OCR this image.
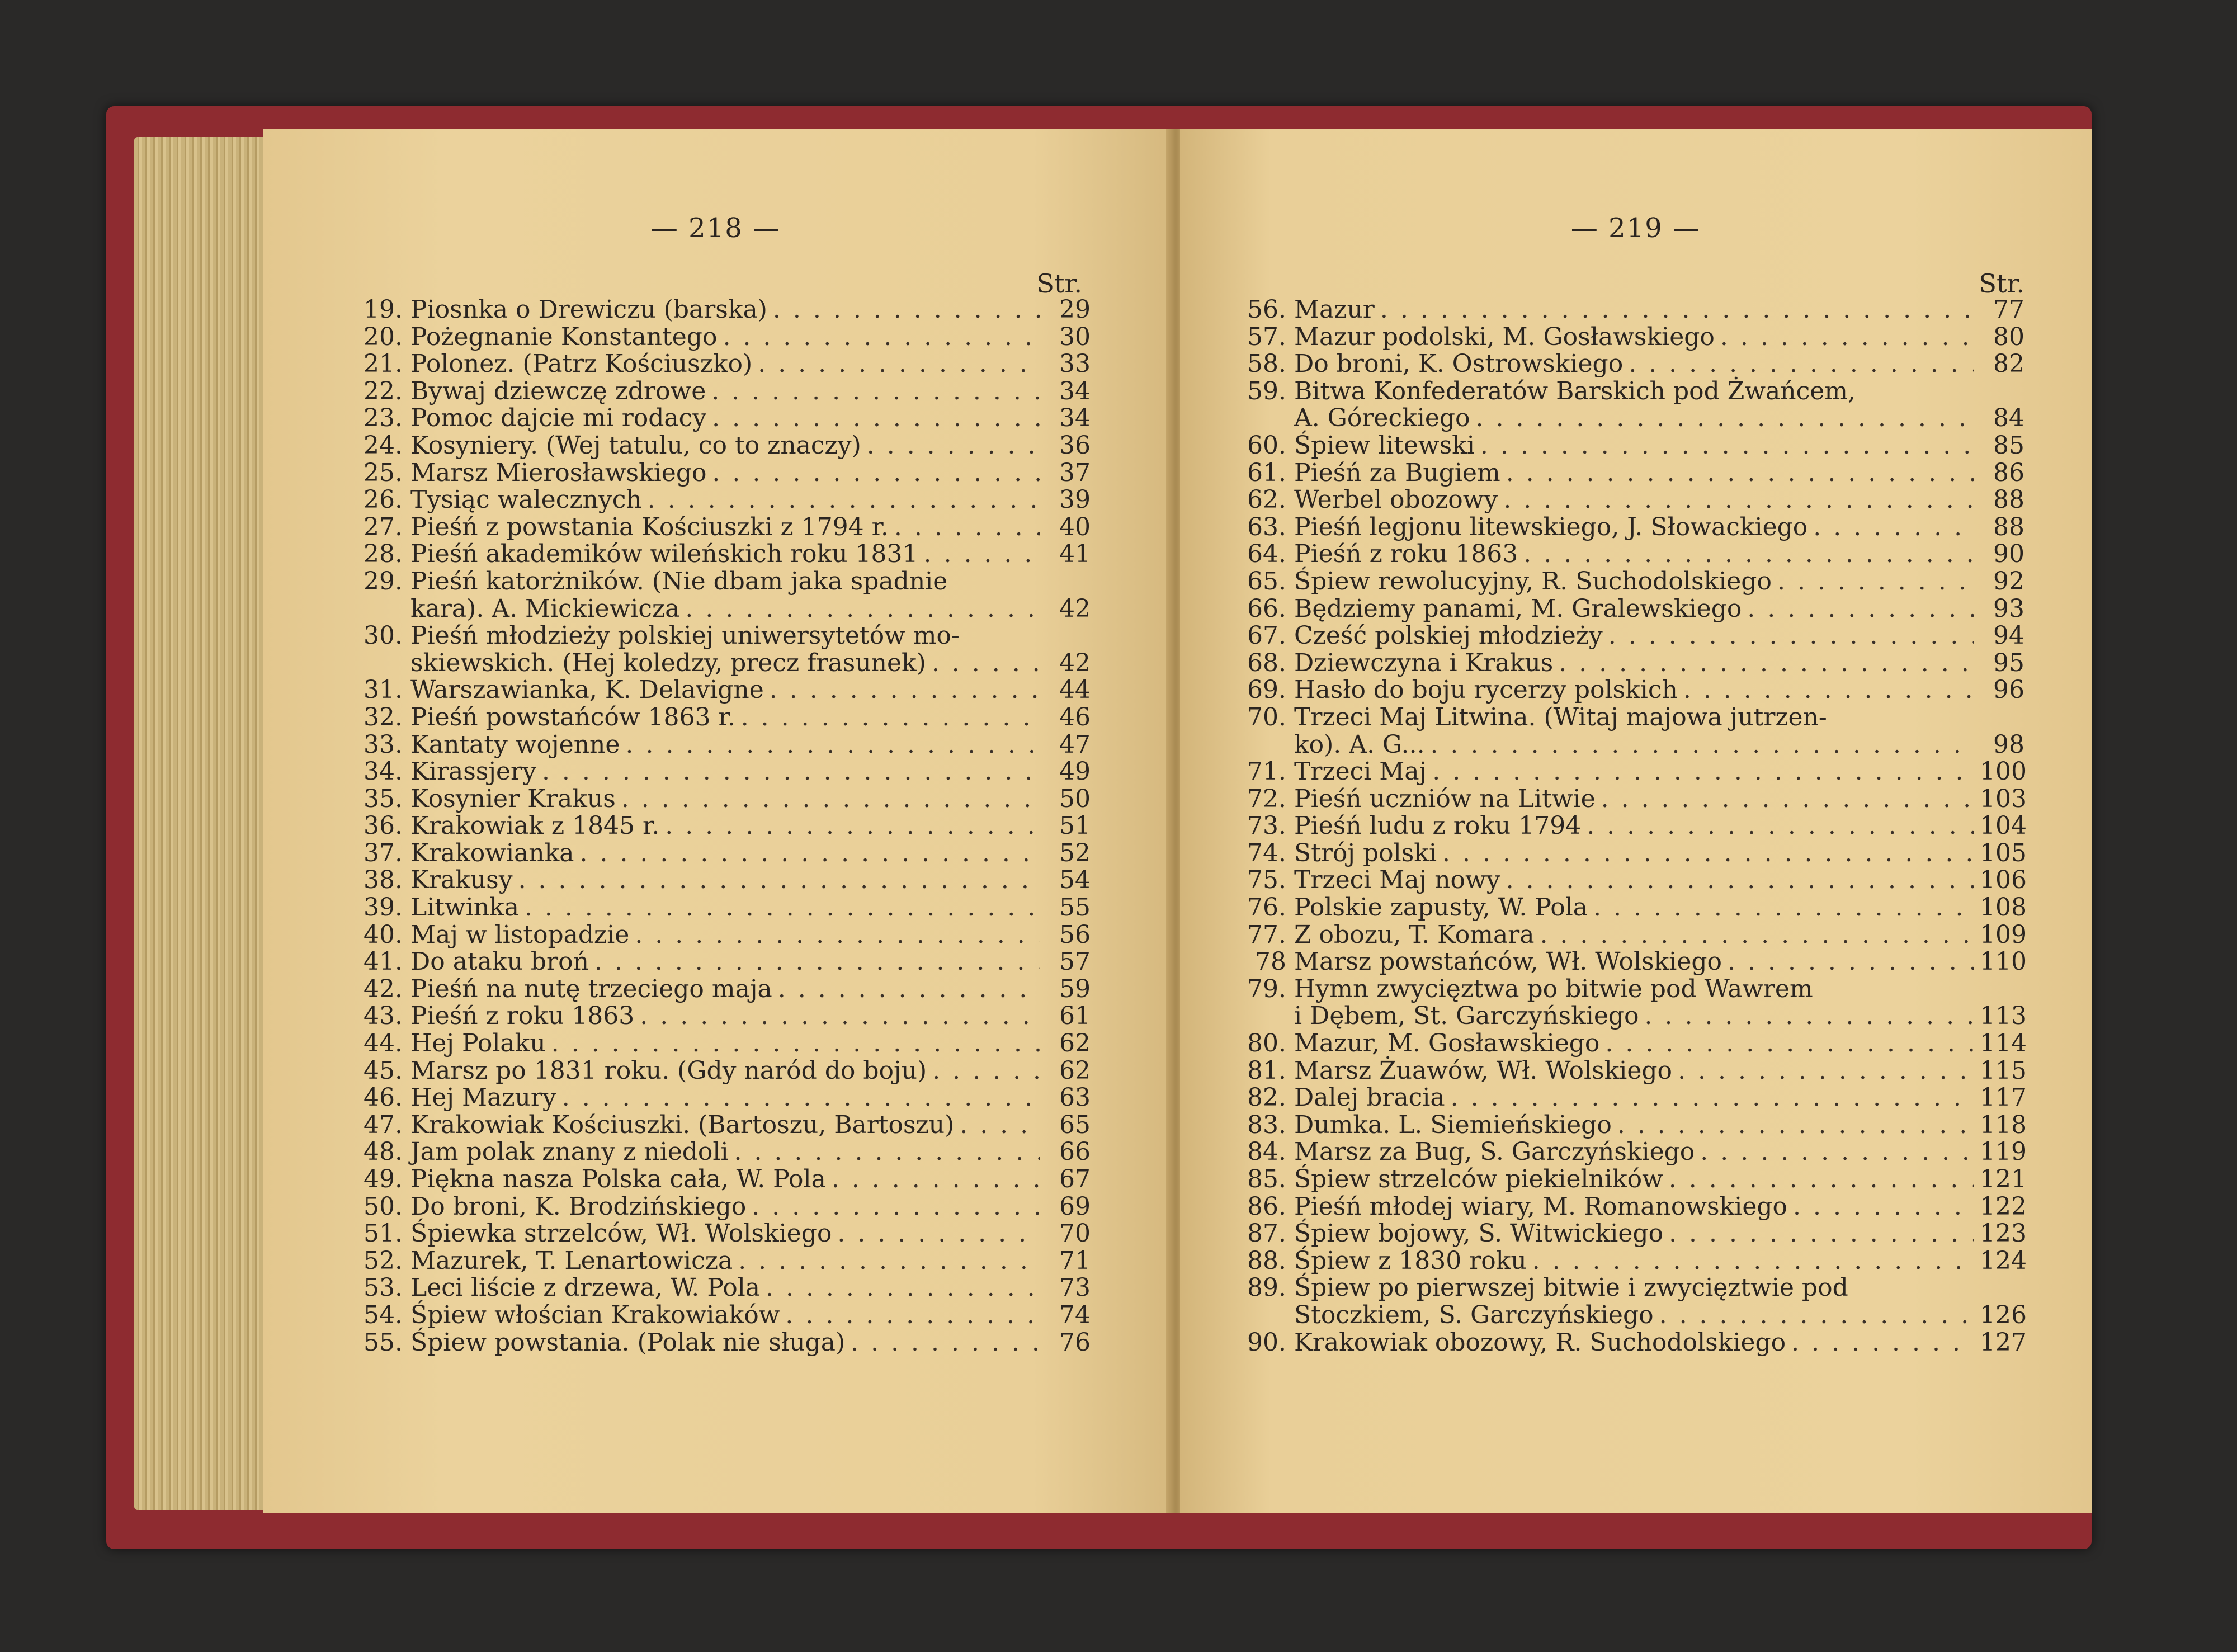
— 218 —
Str.
19. Piosnka o Drewiczu (barska) . . .	29
20. Pożegnanie Konstantego . . .	30
21. Polonez. (Patrz Kościuszko) . . .	33
22. Bywaj dziewczę zdrowe . . .	34
23. Pomoc dajcie mi rodacy . . .	34
24. Kosyniery. (Wej tatulu, co to znaczy) . . .	36
25. Marsz Mierosławskiego . . .	37
26. Tysiąc walecznych . . .	39
27. Pieśń z powstania Kościuszki z 1794 r. . . .	40
28. Pieśń akademików wileńskich roku 1831 . . .	41
29. Pieśń katorżników. (Nie dbam jaka spadnie
kara). A. Mickiewicza . . .	42
30. Pieśń młodzieży polskiej uniwersytetów mo-
skiewskich. (Hej koledzy, precz frasunek) . . .	42
31. Warszawianka, K. Delavigne . . .	44
32. Pieśń powstańców 1863 r. . . .	46
33. Kantaty wojenne . . .	47
34. Kirassjery . . .	49
35. Kosynier Krakus . . .	50
36. Krakowiak z 1845 r. . . .	51
37. Krakowianka . . .	52
38. Krakusy . . .	54
39. Litwinka . . .	55
40. Maj w listopadzie . . .	56
41. Do ataku broń . . .	57
42. Pieśń na nutę trzeciego maja . . .	59
43. Pieśń z roku 1863 . . .	61
44. Hej Polaku . . .	62
45. Marsz po 1831 roku. (Gdy naród do boju) . . .	62
46. Hej Mazury . . .	63
47. Krakowiak Kościuszki. (Bartoszu, Bartoszu) . . .	65
48. Jam polak znany z niedoli . . .	66
49. Piękna nasza Polska cała, W. Pola . . .	67
50. Do broni, K. Brodzińskiego . . .	69
51. Śpiewka strzelców, Wł. Wolskiego . . .	70
52. Mazurek, T. Lenartowicza . . .	71
53. Leci liście z drzewa, W. Pola . . .	73
54. Śpiew włościan Krakowiaków . . .	74
55. Śpiew powstania. (Polak nie sługa) . . .	76
— 219 —
Str.
56. Mazur . . .	77
57. Mazur podolski, M. Gosławskiego . . .	80
58. Do broni, K. Ostrowskiego . . .	82
59. Bitwa Konfederatów Barskich pod Żwańcem,
A. Góreckiego . . .	84
60. Śpiew litewski . . .	85
61. Pieśń za Bugiem . . .	86
62. Werbel obozowy . . .	88
63. Pieśń legjonu litewskiego, J. Słowackiego . . .	88
64. Pieśń z roku 1863 . . .	90
65. Śpiew rewolucyjny, R. Suchodolskiego . . .	92
66. Będziemy panami, M. Gralewskiego . . .	93
67. Cześć polskiej młodzieży . . .	94
68. Dziewczyna i Krakus . . .	95
69. Hasło do boju rycerzy polskich . . .	96
70. Trzeci Maj Litwina. (Witaj majowa jutrzen-
ko). A. G... . . .	98
71. Trzeci Maj . . .	100
72. Pieśń uczniów na Litwie . . .	103
73. Pieśń ludu z roku 1794 . . .	104
74. Strój polski . . .	105
75. Trzeci Maj nowy . . .	106
76. Polskie zapusty, W. Pola . . .	108
77. Z obozu, T. Komara . . .	109
78 Marsz powstańców, Wł. Wolskiego . . .	110
79. Hymn zwycięztwa po bitwie pod Wawrem
i Dębem, St. Garczyńskiego . . .	113
80. Mazur, M. Gosławskiego . . .	114
81. Marsz Żuawów, Wł. Wolskiego . . .	115
82. Dalej bracia . . .	117
83. Dumka. L. Siemieńskiego . . .	118
84. Marsz za Bug, S. Garczyńskiego . . .	119
85. Śpiew strzelców piekielników . . .	121
86. Pieśń młodej wiary, M. Romanowskiego . . .	122
87. Śpiew bojowy, S. Witwickiego . . .	123
88. Śpiew z 1830 roku . . .	124
89. Śpiew po pierwszej bitwie i zwycięztwie pod
Stoczkiem, S. Garczyńskiego . . .	126
90. Krakowiak obozowy, R. Suchodolskiego . . .	127
